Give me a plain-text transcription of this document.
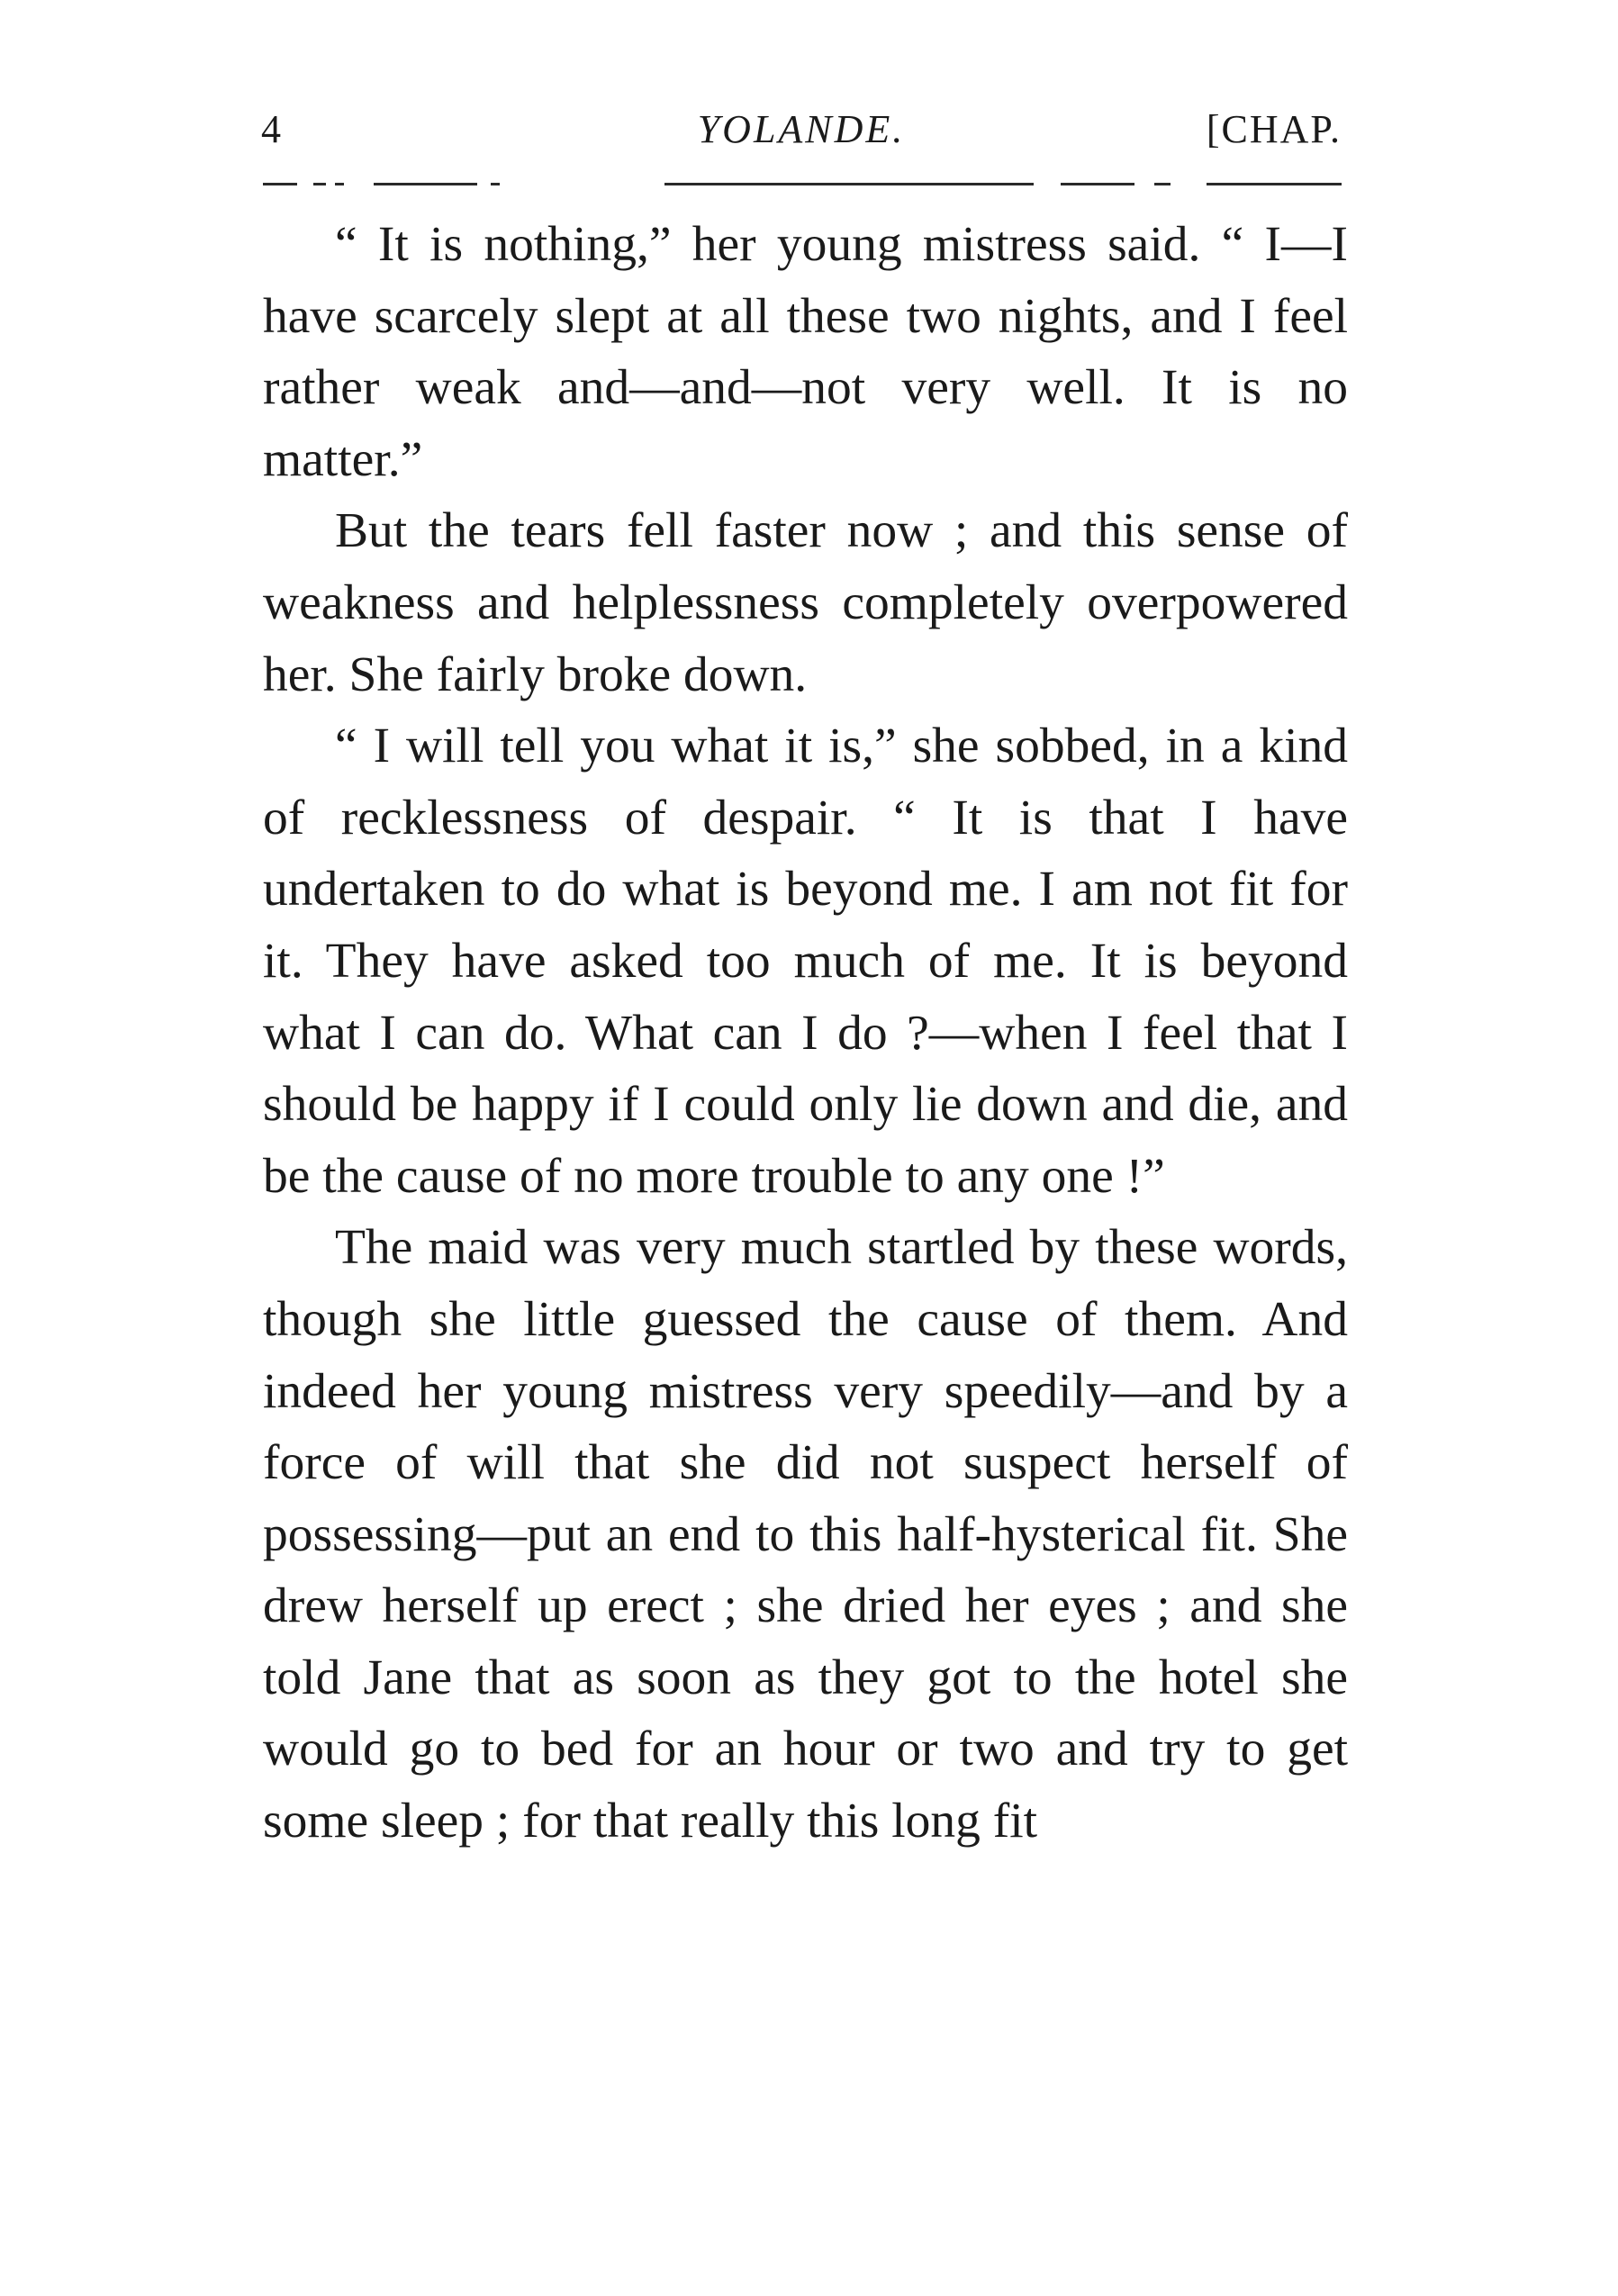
4	YOLANDE.	[CHAP.

“ It is nothing,” her young mistress said. “ I—I have scarcely slept at all these two nights, and I feel rather weak and—and—not very well. It is no matter.”

But the tears fell faster now ; and this sense of weakness and helplessness completely overpowered her. She fairly broke down.

“ I will tell you what it is,” she sobbed, in a kind of recklessness of despair. “ It is that I have undertaken to do what is beyond me. I am not fit for it. They have asked too much of me. It is beyond what I can do. What can I do ?—when I feel that I should be happy if I could only lie down and die, and be the cause of no more trouble to any one !”

The maid was very much startled by these words, though she little guessed the cause of them. And indeed her young mistress very speedily—and by a force of will that she did not suspect herself of possessing—put an end to this half-hysterical fit. She drew herself up erect ; she dried her eyes ; and she told Jane that as soon as they got to the hotel she would go to bed for an hour or two and try to get some sleep ; for that really this long fit
